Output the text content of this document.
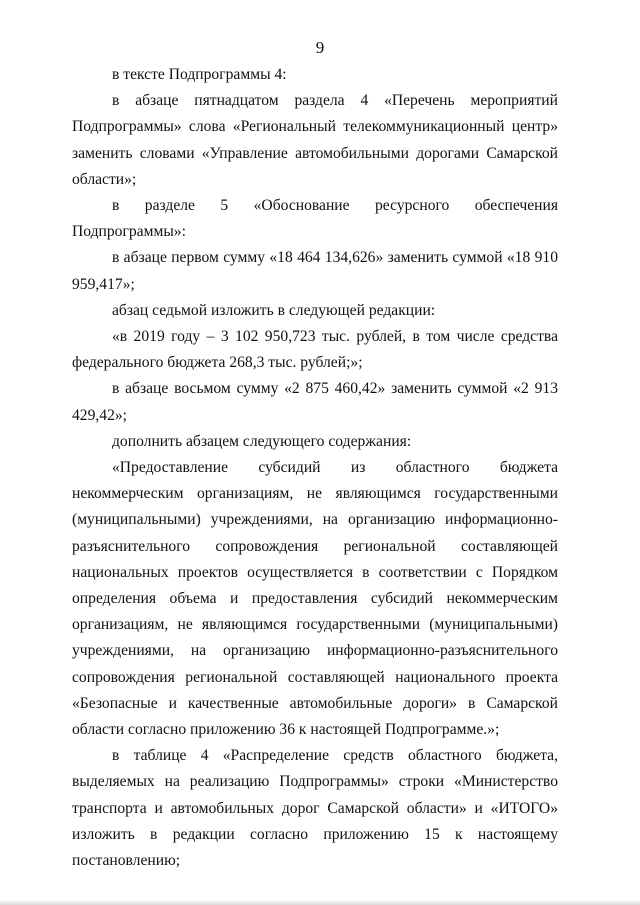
9

в тексте Подпрограммы 4:

в абзаце пятнадцатом раздела 4 «Перечень мероприятий Подпрограммы» слова «Региональный телекоммуникационный центр» заменить словами «Управление автомобильными дорогами Самарской области»;

в разделе 5 «Обоснование ресурсного обеспечения Подпрограммы»:

в абзаце первом сумму «18 464 134,626» заменить суммой «18 910 959,417»;

абзац седьмой изложить в следующей редакции:

«в 2019 году – 3 102 950,723 тыс. рублей, в том числе средства федерального бюджета 268,3 тыс. рублей;»;

в абзаце восьмом сумму «2 875 460,42» заменить суммой «2 913 429,42»;

дополнить абзацем следующего содержания:

«Предоставление субсидий из областного бюджета некоммерческим организациям, не являющимся государственными (муниципальными) учреждениями, на организацию информационно-разъяснительного сопровождения региональной составляющей национальных проектов осуществляется в соответствии с Порядком определения объема и предоставления субсидий некоммерческим организациям, не являющимся государственными (муниципальными) учреждениями, на организацию информационно-разъяснительного сопровождения региональной составляющей национального проекта «Безопасные и качественные автомобильные дороги» в Самарской области согласно приложению 36 к настоящей Подпрограмме.»;

в таблице 4 «Распределение средств областного бюджета, выделяемых на реализацию Подпрограммы» строки «Министерство транспорта и автомобильных дорог Самарской области» и «ИТОГО» изложить в редакции согласно приложению 15 к настоящему постановлению;
